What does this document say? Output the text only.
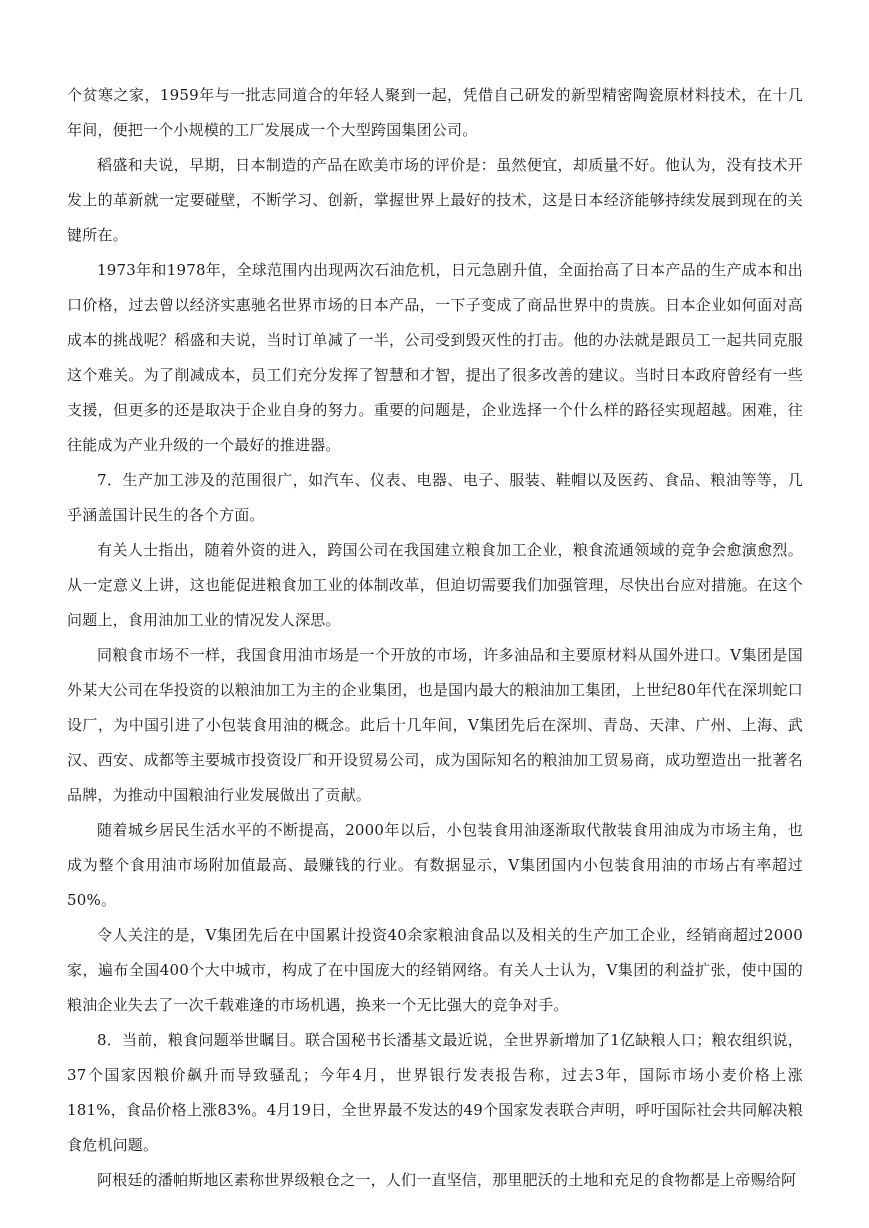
个贫寒之家，1959年与一批志同道合的年轻人聚到一起，凭借自己研发的新型精密陶瓷原材料技术，在十几年间，便把一个小规模的工厂发展成一个大型跨国集团公司。

稻盛和夫说，早期，日本制造的产品在欧美市场的评价是：虽然便宜，却质量不好。他认为，没有技术开发上的革新就一定要碰壁，不断学习、创新，掌握世界上最好的技术，这是日本经济能够持续发展到现在的关键所在。

1973年和1978年，全球范围内出现两次石油危机，日元急剧升值，全面抬高了日本产品的生产成本和出口价格，过去曾以经济实惠驰名世界市场的日本产品，一下子变成了商品世界中的贵族。日本企业如何面对高成本的挑战呢？稻盛和夫说，当时订单减了一半，公司受到毁灭性的打击。他的办法就是跟员工一起共同克服这个难关。为了削减成本，员工们充分发挥了智慧和才智，提出了很多改善的建议。当时日本政府曾经有一些支援，但更多的还是取决于企业自身的努力。重要的问题是，企业选择一个什么样的路径实现超越。困难，往往能成为产业升级的一个最好的推进器。

7．生产加工涉及的范围很广，如汽车、仪表、电器、电子、服装、鞋帽以及医药、食品、粮油等等，几乎涵盖国计民生的各个方面。

有关人士指出，随着外资的进入，跨国公司在我国建立粮食加工企业，粮食流通领域的竞争会愈演愈烈。从一定意义上讲，这也能促进粮食加工业的体制改革，但迫切需要我们加强管理，尽快出台应对措施。在这个问题上，食用油加工业的情况发人深思。

同粮食市场不一样，我国食用油市场是一个开放的市场，许多油品和主要原材料从国外进口。V集团是国外某大公司在华投资的以粮油加工为主的企业集团，也是国内最大的粮油加工集团，上世纪80年代在深圳蛇口设厂，为中国引进了小包装食用油的概念。此后十几年间，V集团先后在深圳、青岛、天津、广州、上海、武汉、西安、成都等主要城市投资设厂和开设贸易公司，成为国际知名的粮油加工贸易商，成功塑造出一批著名品牌，为推动中国粮油行业发展做出了贡献。

随着城乡居民生活水平的不断提高，2000年以后，小包装食用油逐渐取代散装食用油成为市场主角，也成为整个食用油市场附加值最高、最赚钱的行业。有数据显示，V集团国内小包装食用油的市场占有率超过50%。

令人关注的是，V集团先后在中国累计投资40余家粮油食品以及相关的生产加工企业，经销商超过2000家，遍布全国400个大中城市，构成了在中国庞大的经销网络。有关人士认为，V集团的利益扩张，使中国的粮油企业失去了一次千载难逢的市场机遇，换来一个无比强大的竞争对手。

8．当前，粮食问题举世瞩目。联合国秘书长潘基文最近说，全世界新增加了1亿缺粮人口；粮农组织说，37个国家因粮价飙升而导致骚乱；今年4月，世界银行发表报告称，过去3年，国际市场小麦价格上涨181%，食品价格上涨83%。4月19日，全世界最不发达的49个国家发表联合声明，呼吁国际社会共同解决粮食危机问题。

阿根廷的潘帕斯地区素称世界级粮仓之一，人们一直坚信，那里肥沃的土地和充足的食物都是上帝赐给阿
